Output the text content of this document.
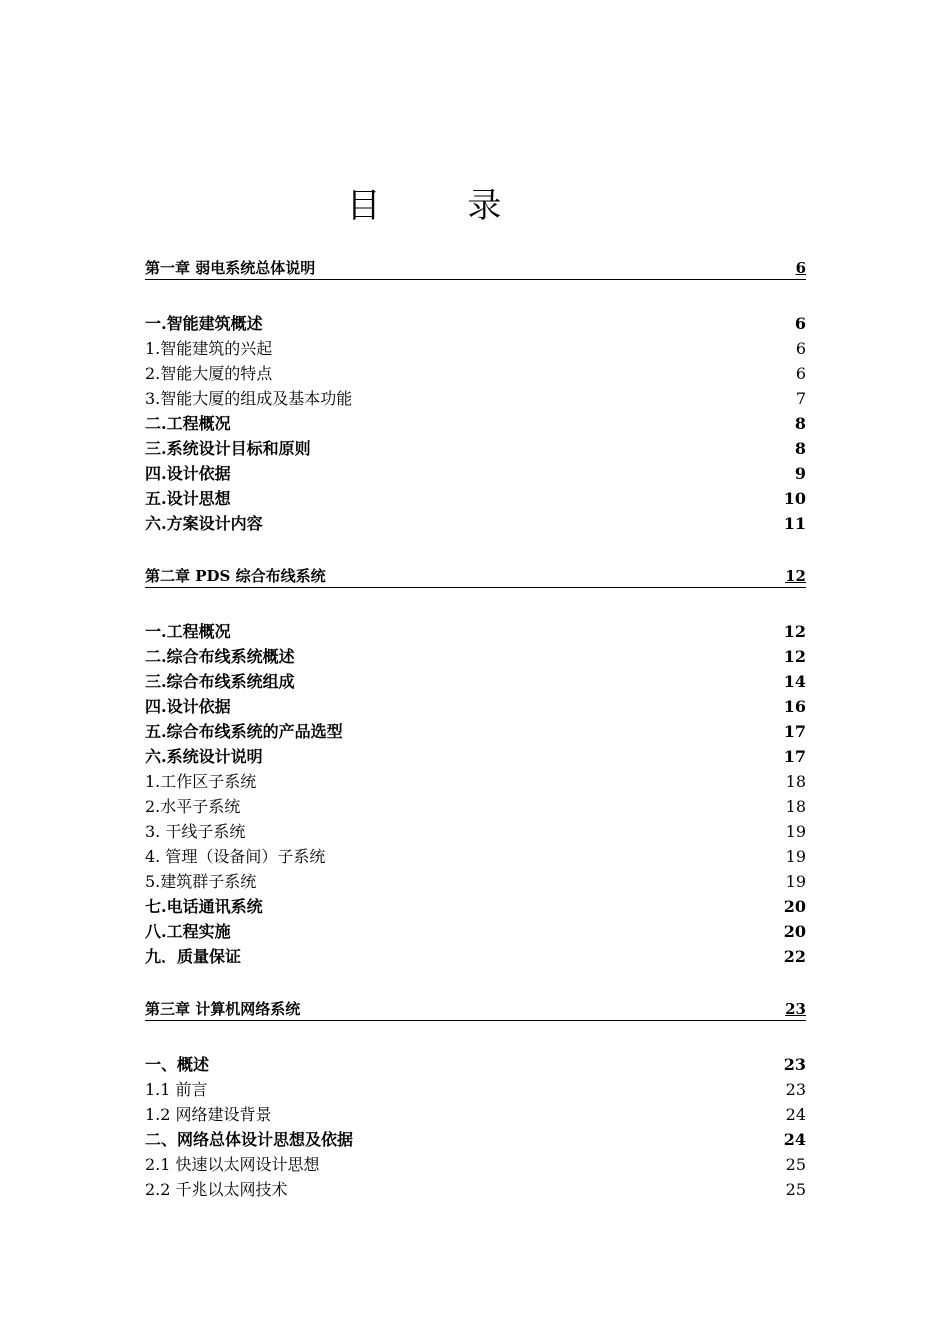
目 录
第一章 弱电系统总体说明	6
一.智能建筑概述	6
1.智能建筑的兴起	6
2.智能大厦的特点	6
3.智能大厦的组成及基本功能	7
二.工程概况	8
三.系统设计目标和原则	8
四.设计依据	9
五.设计思想	10
六.方案设计内容	11
第二章 PDS 综合布线系统	12
一.工程概况	12
二.综合布线系统概述	12
三.综合布线系统组成	14
四.设计依据	16
五.综合布线系统的产品选型	17
六.系统设计说明	17
1.工作区子系统	18
2.水平子系统	18
3. 干线子系统	19
4. 管理（设备间）子系统	19
5.建筑群子系统	19
七.电话通讯系统	20
八.工程实施	20
九．质量保证	22
第三章 计算机网络系统	23
一、概述	23
1.1 前言	23
1.2 网络建设背景	24
二、网络总体设计思想及依据	24
2.1 快速以太网设计思想	25
2.2 千兆以太网技术	25
